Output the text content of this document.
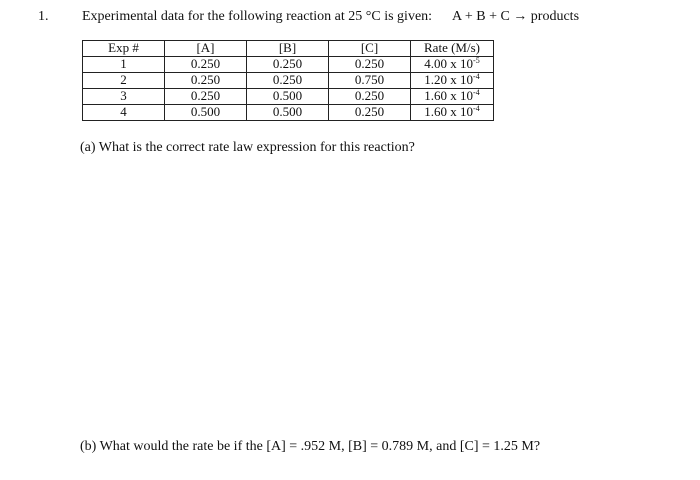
1. Experimental data for the following reaction at 25 °C is given: A + B + C → products
Exp #	[A]	[B]	[C]	Rate (M/s)
1	0.250	0.250	0.250	4.00 x $10^{-5}$
2	0.250	0.250	0.750	1.20 x $10^{-4}$
3	0.250	0.500	0.250	1.60 x $10^{-4}$
4	0.500	0.500	0.250	1.60 x $10^{-4}$
(a) What is the correct rate law expression for this reaction?
(b) What would the rate be if the [A] = .952 M, [B] = 0.789 M, and [C] = 1.25 M?
